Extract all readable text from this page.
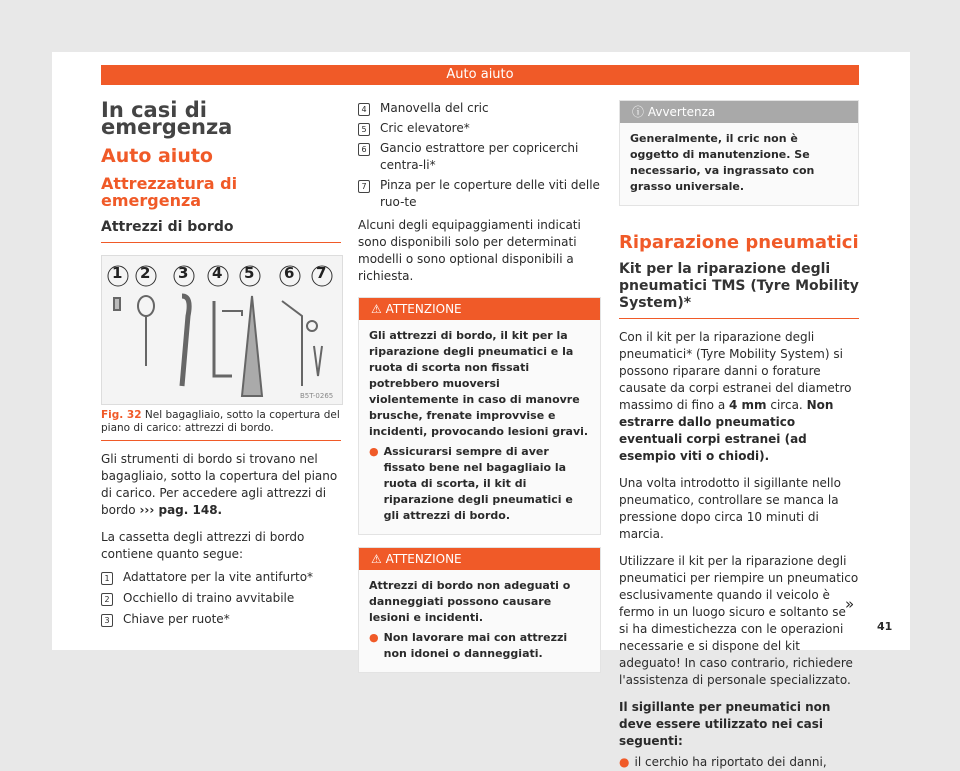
Auto aiuto
In casi di emergenza
Auto aiuto
Attrezzatura di emergenza
Attrezzi di bordo
1 2 3 4 5 6 7
B5T-0265
Fig. 32 Nel bagagliaio, sotto la copertura del piano di carico: attrezzi di bordo.

Gli strumenti di bordo si trovano nel bagagliaio, sotto la copertura del piano di carico. Per accedere agli attrezzi di bordo ››› pag. 148.

La cassetta degli attrezzi di bordo contiene quanto segue:

1 Adattatore per la vite antifurto*
2 Occhiello di traino avvitabile
3 Chiave per ruote*
4 Manovella del cric
5 Cric elevatore*
6 Gancio estrattore per copricerchi centra-li*
7 Pinza per le coperture delle viti delle ruo-te

Alcuni degli equipaggiamenti indicati sono disponibili solo per determinati modelli o sono optional disponibili a richiesta.

⚠ ATTENZIONE
Gli attrezzi di bordo, il kit per la riparazione degli pneumatici e la ruota di scorta non fissati potrebbero muoversi violentemente in caso di manovre brusche, frenate improvvise e incidenti, provocando lesioni gravi.
● Assicurarsi sempre di aver fissato bene nel bagagliaio la ruota di scorta, il kit di riparazione degli pneumatici e gli attrezzi di bordo.
⚠ ATTENZIONE
Attrezzi di bordo non adeguati o danneggiati possono causare lesioni e incidenti.
● Non lavorare mai con attrezzi non idonei o danneggiati.
ⓘ Avvertenza
Generalmente, il cric non è oggetto di manutenzione. Se necessario, va ingrassato con grasso universale.
Riparazione pneumatici
Kit per la riparazione degli pneumatici TMS (Tyre Mobility System)*

Con il kit per la riparazione degli pneumatici* (Tyre Mobility System) si possono riparare danni o forature causate da corpi estranei del diametro massimo di fino a 4 mm circa. Non estrarre dallo pneumatico eventuali corpi estranei (ad esempio viti o chiodi).

Una volta introdotto il sigillante nello pneumatico, controllare se manca la pressione dopo circa 10 minuti di marcia.

Utilizzare il kit per la riparazione degli pneumatici per riempire un pneumatico esclusivamente quando il veicolo è fermo in un luogo sicuro e soltanto se si ha dimestichezza con le operazioni necessarie e si dispone del kit adeguato! In caso contrario, richiedere l'assistenza di personale specializzato.

Il sigillante per pneumatici non deve essere utilizzato nei casi seguenti:

● il cerchio ha riportato dei danni,
»
41
